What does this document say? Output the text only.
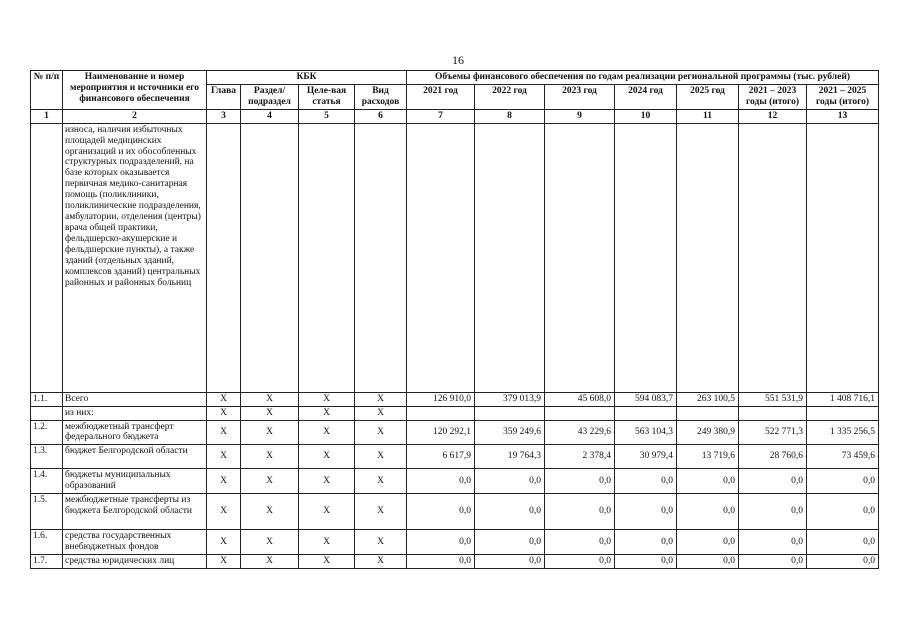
16
№ п/п	Наименование и номер мероприятия и источники его финансового обеспечения	КБК				Объемы финансового обеспечения по годам реализации региональной программы (тыс. рублей)						
		Глава	Раздел/ подраздел	Целе-вая статья	Вид расходов	2021 год	2022 год	2023 год	2024 год	2025 год	2021 – 2023 годы (итого)	2021 – 2025 годы (итого)
1	2	3	4	5	6	7	8	9	10	11	12	13
	износа, наличия избыточных площадей медицинских организаций и их обособленных структурных подразделений, на базе которых оказывается первичная медико-санитарная помощь (поликлиники, поликлинические подразделения, амбулатории, отделения (центры) врача общей практики, фельдшерско-акушерские и фельдшерские пункты), а также зданий (отдельных зданий, комплексов зданий) центральных районных и районных больниц											
1.1.	Всего	Х	Х	Х	Х	126 910,0	379 013,9	45 608,0	594 083,7	263 100,5	551 531,9	1 408 716,1
	из них:	Х	Х	Х	Х							
1.2.	межбюджетный трансферт федерального бюджета	Х	Х	Х	Х	120 292,1	359 249,6	43 229,6	563 104,3	249 380,9	522 771,3	1 335 256,5
1.3.	бюджет Белгородской области	Х	Х	Х	Х	6 617,9	19 764,3	2 378,4	30 979,4	13 719,6	28 760,6	73 459,6
1.4.	бюджеты муниципальных образований	Х	Х	Х	Х	0,0	0,0	0,0	0,0	0,0	0,0	0,0
1.5.	межбюджетные трансферты из бюджета Белгородской области	Х	Х	Х	Х	0,0	0,0	0,0	0,0	0,0	0,0	0,0
1.6.	средства государственных внебюджетных фондов	Х	Х	Х	Х	0,0	0,0	0,0	0,0	0,0	0,0	0,0
1.7.	средства юридических лиц	Х	Х	Х	Х	0,0	0,0	0,0	0,0	0,0	0,0	0,0
